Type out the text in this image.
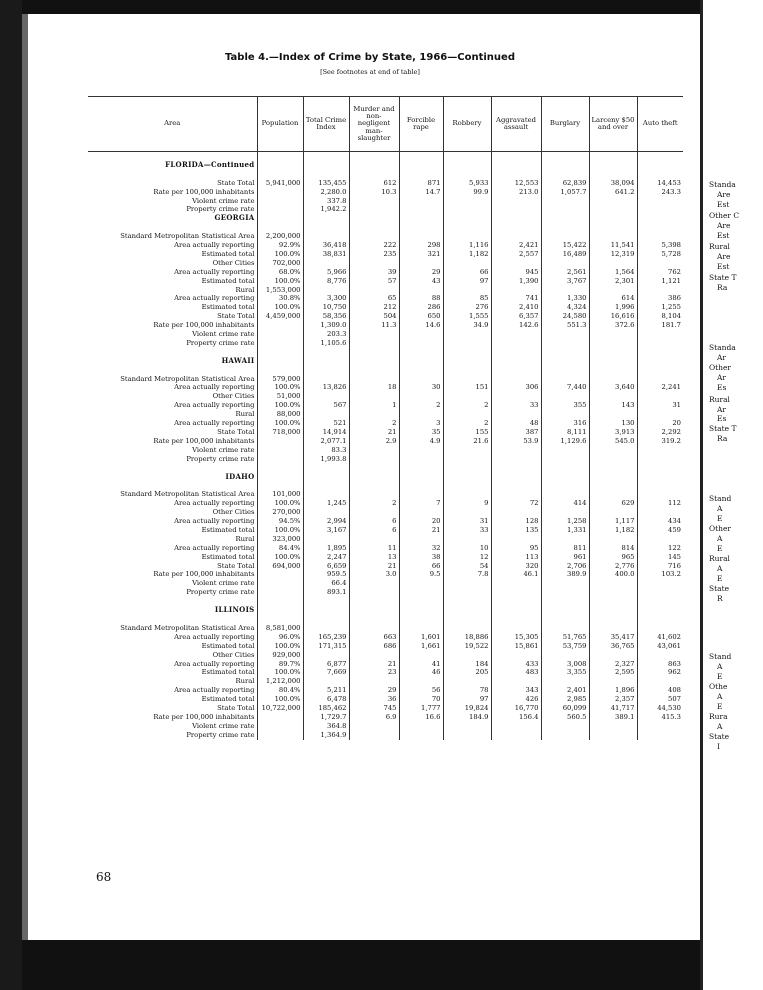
Table 4.—Index of Crime by State, 1966—Continued
[See footnotes at end of table]
Area	Population	Total Crime Index	Murder and non-negligent man-slaughter	Forcible rape	Robbery	Aggravated assault	Burglary	Larceny $50 and over	Auto theft

FLORIDA—Continued									

State Total	5,941,000	135,455	612	871	5,933	12,553	62,839	38,094	14,453
Rate per 100,000 inhabitants		2,280.0	10.3	14.7	99.9	213.0	1,057.7	641.2	243.3
Violent crime rate		337.8							
Property crime rate		1,942.2							
GEORGIA									

Standard Metropolitan Statistical Area	2,200,000								
Area actually reporting	92.9%	36,418	222	298	1,116	2,421	15,422	11,541	5,398
Estimated total	100.0%	38,831	235	321	1,182	2,557	16,489	12,319	5,728
Other Cities	702,000								
Area actually reporting	68.0%	5,966	39	29	66	945	2,561	1,564	762
Estimated total	100.0%	8,776	57	43	97	1,390	3,767	2,301	1,121
Rural	1,553,000								
Area actually reporting	30.8%	3,300	65	88	85	741	1,330	614	386
Estimated total	100.0%	10,750	212	286	276	2,410	4,324	1,996	1,255
State Total	4,459,000	58,356	504	650	1,555	6,357	24,580	16,616	8,104
Rate per 100,000 inhabitants		1,309.0	11.3	14.6	34.9	142.6	551.3	372.6	181.7
Violent crime rate		203.3							
Property crime rate		1,105.6							

HAWAII									

Standard Metropolitan Statistical Area	579,000								
Area actually reporting	100.0%	13,826	18	30	151	306	7,440	3,640	2,241
Other Cities	51,000								
Area actually reporting	100.0%	567	1	2	2	33	355	143	31
Rural	88,000								
Area actually reporting	100.0%	521	2	3	2	48	316	130	20
State Total	718,000	14,914	21	35	155	387	8,111	3,913	2,292
Rate per 100,000 inhabitants		2,077.1	2.9	4.9	21.6	53.9	1,129.6	545.0	319.2
Violent crime rate		83.3							
Property crime rate		1,993.8							

IDAHO									

Standard Metropolitan Statistical Area	101,000								
Area actually reporting	100.0%	1,245	2	7	9	72	414	629	112
Other Cities	270,000								
Area actually reporting	94.5%	2,994	6	20	31	128	1,258	1,117	434
Estimated total	100.0%	3,167	6	21	33	135	1,331	1,182	459
Rural	323,000								
Area actually reporting	84.4%	1,895	11	32	10	95	811	814	122
Estimated total	100.0%	2,247	13	38	12	113	961	965	145
State Total	694,000	6,659	21	66	54	320	2,706	2,776	716
Rate per 100,000 inhabitants		959.5	3.0	9.5	7.8	46.1	389.9	400.0	103.2
Violent crime rate		66.4							
Property crime rate		893.1							

ILLINOIS									

Standard Metropolitan Statistical Area	8,581,000								
Area actually reporting	96.0%	165,239	663	1,601	18,886	15,305	51,765	35,417	41,602
Estimated total	100.0%	171,315	686	1,661	19,522	15,861	53,759	36,765	43,061
Other Cities	929,000								
Area actually reporting	89.7%	6,877	21	41	184	433	3,008	2,327	863
Estimated total	100.0%	7,669	23	46	205	483	3,355	2,595	962
Rural	1,212,000								
Area actually reporting	80.4%	5,211	29	56	78	343	2,401	1,896	408
Estimated total	100.0%	6,478	36	70	97	426	2,985	2,357	507
State Total	10,722,000	185,462	745	1,777	19,824	16,770	60,099	41,717	44,530
Rate per 100,000 inhabitants		1,729.7	6.9	16.6	184.9	156.4	560.5	389.1	415.3
Violent crime rate		364.8							
Property crime rate		1,364.9							
68
Standa
Are
Est
Other C
Are
Est
Rural
Are
Est
State T
Ra
Standa
Ar
Other
Ar
Es
Rural
Ar
Es
State T
Ra
Stand
A
E
Other
A
E
Rural
A
E
State
R
Stand
A
E
Othe
A
E
Rura
A
State
I
